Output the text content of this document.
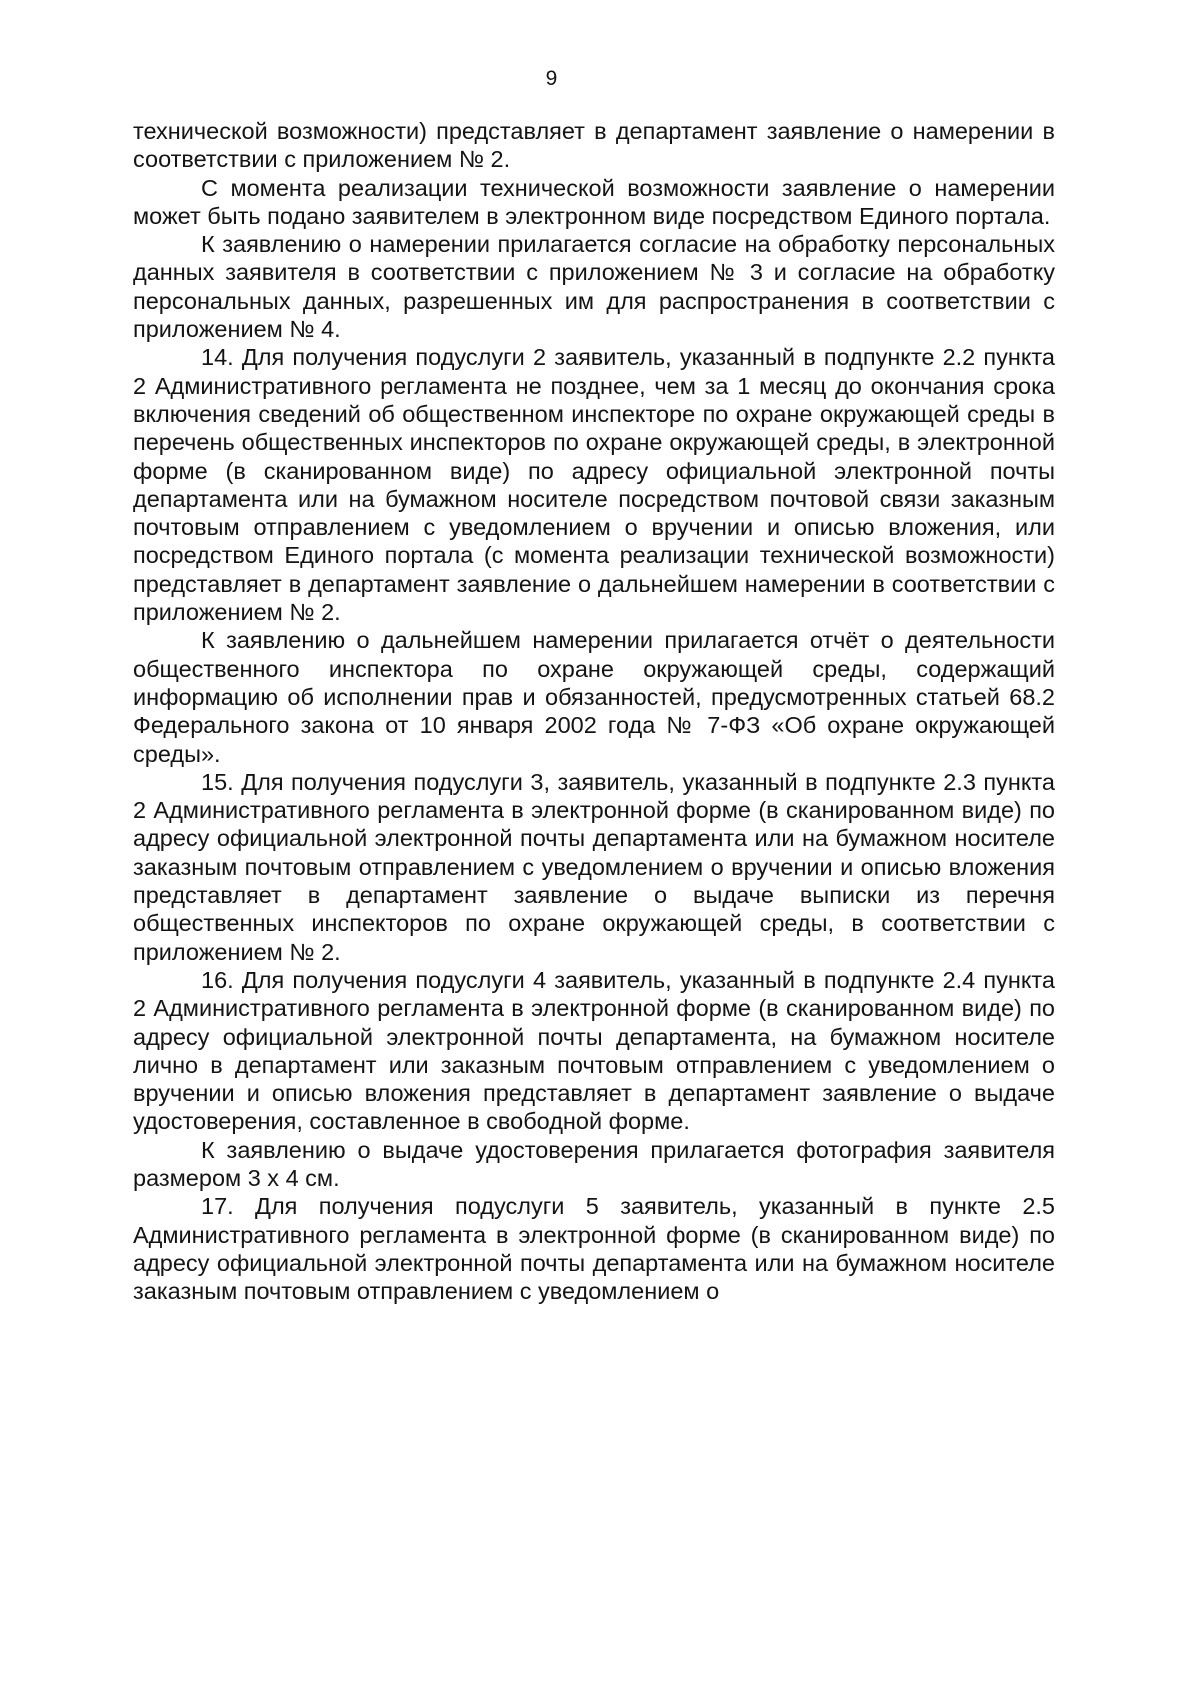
9

технической возможности) представляет в департамент заявление о намерении в соответствии с приложением № 2.

С момента реализации технической возможности заявление о намерении может быть подано заявителем в электронном виде посредством Единого портала.

К заявлению о намерении прилагается согласие на обработку персональных данных заявителя в соответствии с приложением № 3 и согласие на обработку персональных данных, разрешенных им для распространения в соответствии с приложением № 4.

14. Для получения подуслуги 2 заявитель, указанный в подпункте 2.2 пункта 2 Административного регламента не позднее, чем за 1 месяц до окончания срока включения сведений об общественном инспекторе по охране окружающей среды в перечень общественных инспекторов по охране окружающей среды, в электронной форме (в сканированном виде) по адресу официальной электронной почты департамента или на бумажном носителе посредством почтовой связи заказным почтовым отправлением с уведомлением о вручении и описью вложения, или посредством Единого портала (с момента реализации технической возможности) представляет в департамент заявление о дальнейшем намерении в соответствии с приложением № 2.

К заявлению о дальнейшем намерении прилагается отчёт о деятельности общественного инспектора по охране окружающей среды, содержащий информацию об исполнении прав и обязанностей, предусмотренных статьей 68.2 Федерального закона от 10 января 2002 года № 7-ФЗ «Об охране окружающей среды».

15. Для получения подуслуги 3, заявитель, указанный в подпункте 2.3 пункта 2 Административного регламента в электронной форме (в сканированном виде) по адресу официальной электронной почты департамента или на бумажном носителе заказным почтовым отправлением с уведомлением о вручении и описью вложения представляет в департамент заявление о выдаче выписки из перечня общественных инспекторов по охране окружающей среды, в соответствии с приложением № 2.

16. Для получения подуслуги 4 заявитель, указанный в подпункте 2.4 пункта 2 Административного регламента в электронной форме (в сканированном виде) по адресу официальной электронной почты департамента, на бумажном носителе лично в департамент или заказным почтовым отправлением с уведомлением о вручении и описью вложения представляет в департамент заявление о выдаче удостоверения, составленное в свободной форме.

К заявлению о выдаче удостоверения прилагается фотография заявителя размером 3 х 4 см.

17. Для получения подуслуги 5 заявитель, указанный в пункте 2.5 Административного регламента в электронной форме (в сканированном виде) по адресу официальной электронной почты департамента или на бумажном носителе заказным почтовым отправлением с уведомлением о
